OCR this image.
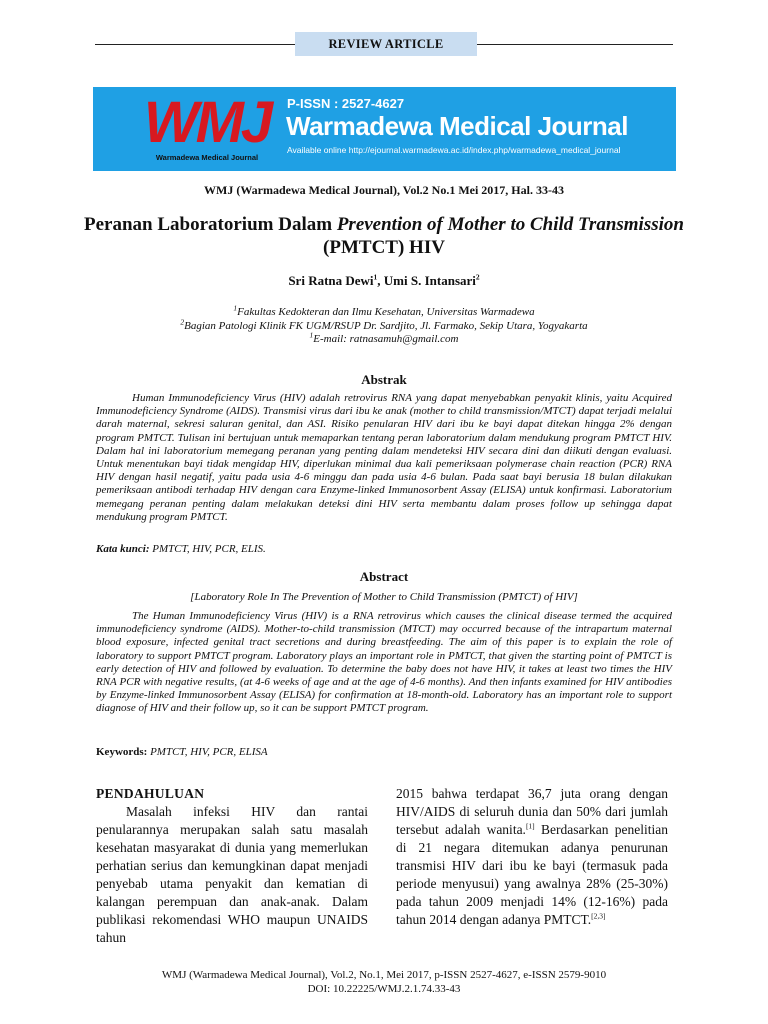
REVIEW ARTICLE
WMJ
Warmadewa Medical Journal
P-ISSN : 2527-4627
Warmadewa Medical Journal
Available online http://ejournal.warmadewa.ac.id/index.php/warmadewa_medical_journal
WMJ (Warmadewa Medical Journal), Vol.2 No.1 Mei 2017, Hal. 33-43
Peranan Laboratorium Dalam Prevention of Mother to Child Transmission (PMTCT) HIV
Sri Ratna Dewi$^1$, Umi S. Intansari$^2$
$^1$Fakultas Kedokteran dan Ilmu Kesehatan, Universitas Warmadewa
$^2$Bagian Patologi Klinik FK UGM/RSUP Dr. Sardjito, Jl. Farmako, Sekip Utara, Yogyakarta
$^1$E-mail: ratnasamuh@gmail.com
Abstrak

Human Immunodeficiency Virus (HIV) adalah retrovirus RNA yang dapat menyebabkan penyakit klinis, yaitu Acquired Immunodeficiency Syndrome (AIDS). Transmisi virus dari ibu ke anak (mother to child transmission/MTCT) dapat terjadi melalui darah maternal, sekresi saluran genital, dan ASI. Risiko penularan HIV dari ibu ke bayi dapat ditekan hingga 2% dengan program PMTCT. Tulisan ini bertujuan untuk memaparkan tentang peran laboratorium dalam mendukung program PMTCT HIV. Dalam hal ini laboratorium memegang peranan yang penting dalam mendeteksi HIV secara dini dan diikuti dengan evaluasi. Untuk menentukan bayi tidak mengidap HIV, diperlukan minimal dua kali pemeriksaan polymerase chain reaction (PCR) RNA HIV dengan hasil negatif, yaitu pada usia 4-6 minggu dan pada usia 4-6 bulan. Pada saat bayi berusia 18 bulan dilakukan pemeriksaan antibodi terhadap HIV dengan cara Enzyme-linked Immunosorbent Assay (ELISA) untuk konfirmasi. Laboratorium memegang peranan penting dalam melakukan deteksi dini HIV serta membantu dalam proses follow up sehingga dapat mendukung program PMTCT.

Kata kunci: PMTCT, HIV, PCR, ELIS.
Abstract
[Laboratory Role In The Prevention of Mother to Child Transmission (PMTCT) of HIV]

The Human Immunodeficiency Virus (HIV) is a RNA retrovirus which causes the clinical disease termed the acquired immunodeficiency syndrome (AIDS). Mother-to-child transmission (MTCT) may occurred because of the intrapartum maternal blood exposure, infected genital tract secretions and during breastfeeding. The aim of this paper is to explain the role of laboratory to support PMTCT program. Laboratory plays an important role in PMTCT, that given the starting point of PMTCT is early detection of HIV and followed by evaluation. To determine the baby does not have HIV, it takes at least two times the HIV RNA PCR with negative results, (at 4-6 weeks of age and at the age of 4-6 months). And then infants examined for HIV antibodies by Enzyme-linked Immunosorbent Assay (ELISA) for confirmation at 18-month-old. Laboratory has an important role to support diagnose of HIV and their follow up, so it can be support PMTCT program.

Keywords: PMTCT, HIV, PCR, ELISA
PENDAHULUAN
Masalah infeksi HIV dan rantai penularannya merupakan salah satu masalah kesehatan masyarakat di dunia yang memerlukan perhatian serius dan kemungkinan dapat menjadi penyebab utama penyakit dan kematian di kalangan perempuan dan anak-anak. Dalam publikasi rekomendasi WHO maupun UNAIDS tahun
2015 bahwa terdapat 36,7 juta orang dengan HIV/AIDS di seluruh dunia dan 50% dari jumlah tersebut adalah wanita.[1] Berdasarkan penelitian di 21 negara ditemukan adanya penurunan transmisi HIV dari ibu ke bayi (termasuk pada periode menyusui) yang awalnya 28% (25-30%) pada tahun 2009 menjadi 14% (12-16%) pada tahun 2014 dengan adanya PMTCT.[2,3]
WMJ (Warmadewa Medical Journal), Vol.2, No.1, Mei 2017, p-ISSN 2527-4627, e-ISSN 2579-9010
DOI: 10.22225/WMJ.2.1.74.33-43
